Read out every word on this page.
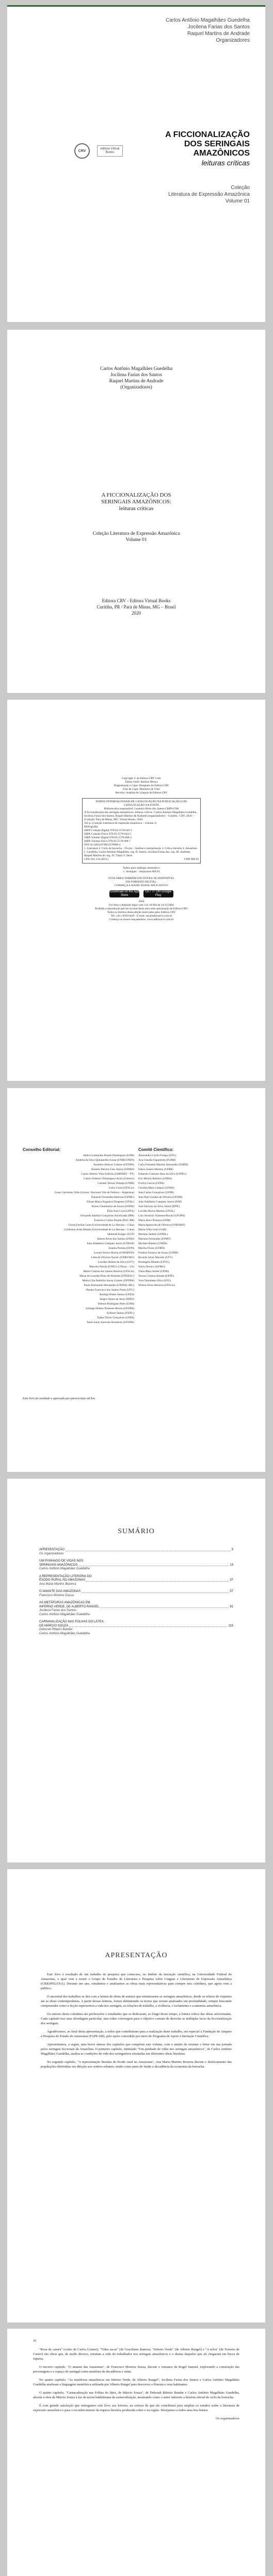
Carlos Antônio Magalhães Guedelha
Jocilena Farias dos Santos
Raquel Martins de Andrade
Organizadores
CRV
editora Virtual Books
A FICCIONALIZAÇÃO
DOS SERINGAIS
AMAZÔNICOS
leituras críticas
Coleção
Literatura de Expressão Amazônica
Volume 01
Carlos Antônio Magalhães Guedelha
Jocilena Farias dos Santos
Raquel Martins de Andrade
(Organizadores)
A FICCIONALIZAÇÃO DOS
SERINGAIS AMAZÔNICOS:
leituras críticas
Coleção Literatura de Expressão Amazônica
Volume 01
Editora CRV - Editora Virtual Books
Curitiba, PR / Pará de Minas, MG – Brasil
2020
Copyright © da Editora CRV Ltda.
Editor-chefe: Railson Moura
Diagramação e Capa: Designers da Editora CRV
Foto de Capa: Monteiro de Vitor
Revisão: Analista de Línguas da Editora CRV
DADOS INTERNACIONAIS DE CATALOGAÇÃO NA PUBLICAÇÃO (CIP)
CATALOGAÇÃO NA FONTE
Bibliotecária responsável: Luzenira Alves dos Santos CRB9/1506
A ficcionalização dos seringais amazônicos: leituras críticas / Carlos Antônio Magalhães Guedelha, Jocilena Farias dos Santos, Raquel Martins de Andrade (organizadores) – Curitiba : CRV, 2020. – (Coleção: Para de Minas, MG: Virtual Books, 2020.
162 p. (Coleção Literatura de expressão amazônica – volume 1)
Bibliografia
ISBN Coleção Digital 978-65-5578-045-2
ISBN Coleção Física 978-65-5578-044-5
ISBN Volume Digital 978-65-5578-009-4
ISBN Volume Físico 978-65-5578-008-7
DOI 10.24824/978655578009.4
1. Literatura 2. Ciclo da borracha – Ficção – Análise e interpretação 3. Crítica literária 4. Amazônia I. Guedelha, Carlos Antônio Magalhães. org. II. Santos, Jocilena Farias dos. org. III. Andrade, Raquel Martins de. org. IV. Título V. Série.
CDU 821.134.3(811)	CDD 869.93
Índice para catálogo sistemático
1. Seringais – Amazonas 869.93
ESTA OBRA TAMBÉM ENCONTRA-SE DISPONÍVEL
EM FORMATO DIGITAL.
CONHEÇA E BAIXE NOSSO APLICATIVO!
Download on the App Store GET IT ON Google Play
2020
Foi feito o depósito legal conf. Lei 10.994 de 14/12/2004
Proibida a reprodução parcial ou total desta obra sem autorização da Editora CRV
Todos os direitos desta edição reservados pela: Editora CRV
Tel.: (41) 3039-6418 - E-mail: sac@editoracrv.com.br
Conheça os nossos lançamentos: www.editoracrv.com.br
Conselho Editorial:
Aldira Guimarães Duarte Domínguez (UNB)
Andréia da Silva Quintanilha Sousa (UNIR/UFRN)
Anselmo Alencar Colares (UFOPA)
Antônio Pereira Gaio Júnior (UFRRJ)
Carlos Alberto Vilar Estêvão (UMINHO – PT)
Carlos Federico Dominguez Avila (Unieuro)
Carmen Tereza Velanga (UNIR)
Celso Conti (UFSCar)
Cesar Gerónimo Tello (Univer. Nacional Três de Febrero – Argentina)
Eduardo Fernandes Barbosa (UFMG)
Elione Maria Nogueira Diogenes (UFAL)
Elizeu Clementino de Souza (UNEB)
Élsio José Corá (UFFS)
Fernando Antônio Gonçalves Alcoforado (IPB)
Francisco Carlos Duarte (PUC-PR)
Gloria Fariñas León (Universidade de La Havana – Cuba)
Guillermo Arias Beatón (Universidade de La Havana – Cuba)
Helmuth Krüger (UCP)
Jailson Alves dos Santos (UFRJ)
João Adalberto Campato Junior (UNESP)
Josania Portela (UFPI)
Leonel Severo Rocha (UNISINOS)
Lídia de Oliveira Xavier (UNIEURO)
Lourdes Helena da Silva (UFV)
Marcelo Paixão (UFRJ e UTexas – US)
Maria Cristina dos Santos Bezerra (UFSCar)
Maria de Lourdes Pinto de Almeida (UNOESC)
Maria Lília Imbiriba Sousa Colares (UFOPA)
Paulo Romualdo Hernandes (UNIFAL-MG)
Renato Francisco dos Santos Paula (UFG)
Rodrigo Pratte-Santos (UFES)
Sérgio Nunes de Jesus (IFRO)
Simone Rodrigues Pinto (UNB)
Solange Helena Ximenes-Rocha (UFOPA)
Sydione Santos (UEPG)
Tadeu Oliver Gonçalves (UFPA)
Tania Suely Azevedo Brasileiro (UFOPA)
Comitê Científico:
Alessandra Corrêa Farago (UFG)
Ana Claudia Figueiredo (FURB)
Carla Fernanda Martins Alexandre (UERN)
Edson Soares Martins (UFRR)
Eduardo Cristiano Hass da Silva (UFPEL)
Eric Miorin Ramires (UFBA)
Evelyn Garcia (UFPA)
Geraldo Maia Campos (UFMS)
Jean Carlos Gonçalves (UFPR)
Jean Paul Guedes de Oliveira (UFAM)
João Adalberto Campato Junior (FAP)
José Davison da Silva Júnior (IFPE)
Lucidéa Rocha Martins (UFAL)
Luiz Severino Ximenes-Rocha (UFOPA)
Maria Alice Proença (UEM)
Maria Aparecida de Oliveira (UNEMAT)
Maria Célia Leite (UnB)
Marlene Seibert (UFPEL)
Mariana Fernandes (UFMT)
Michele Ribeiro (UNEB)
Marilia Flores (UFRO)
Norbert Fonseca de Sousa (UFRR)
Ricardo Alves Macedo (UFV)
Rosângela Mendes (UFSC)
Silvia Dorrico (UFMG)
Tânia Mara Seidel (UFPA)
Tereza Cristina Amado (UFPE)
Vera Tietzmann Silva (UFG)
Wilson Alves Bezerra (UFSCar)
Este livro foi avaliado e aprovado por pareceristas ad hoc.
SUMÁRIO
APRESENTAÇÃO	9
Os organizadores
UM PUNHADO DE VIDAS NOS
SERINGAIS AMAZÔNICOS	13
Carlos Antônio Magalhães Guedelha
A REPRESENTAÇÃO LITERÁRIA DO
ÊXODO RURAL NO AMAZONAS	37
Ana Maria Martins Bezerra
O AMANTE DAS AMAZONAS	57
Francisco Moreira Sousa
AS METÁFORAS AMAZÔNICAS EM
INFERNO VERDE, DE ALBERTO RANGEL	81
Jocilena Farias dos Santos
Carlos Antônio Magalhães Guedelha
CARNAVALIZAÇÃO NAS FOLHAS DO LÁTEX,
DE MÁRCIO SOUZA	115
Deborah Ribeiro Bandar
Carlos Antônio Magalhães Guedelha
APRESENTAÇÃO

Este livro é resultado de um trabalho de pesquisa que conta-nos, no âmbito da iniciação científica, na Universidade Federal do Amazonas, o qual vem a reunir o Grupo de Estudos de Literatura e Pesquisa sobre Línguas e Literaturas de Expressão Amazônica (GRESPELEXA). Durante um ano, estudamos e analisamos as obras mais representativas para compor esta coletânea, que agora vem a público.

O ancestral dos trabalhos se deu com a leitura de obras de autores que tematizaram os seringais amazônicos, desde os relatos de viajantes até as obras contemporâneas. A partir dessas leituras, fomos delimitando os textos que seriam analisados em profundidade, sempre buscando compreender como a ficção representou a vida nos seringais, as relações de trabalho, a violência, o isolamento e a natureza amazônica.

Os autores desta coletânea são professores e estudantes que se dedicaram, ao longo desse tempo, à leitura crítica das obras selecionadas. Cada capítulo traz uma abordagem particular, mas todos convergem para o objetivo comum de desvelar as múltiplas faces da ficcionalização dos seringais.

Agradecemos, ao final desta apresentação, a todos que contribuíram para a realização deste trabalho, em especial à Fundação de Amparo à Pesquisa do Estado do Amazonas (FAPEAM), pelo apoio concedido por meio do Programa de Apoio à Iniciação Científica.

Apresentamos, a seguir, uma breve síntese dos capítulos que compõem este volume, com o intuito de orientar o leitor em sua jornada pelos seringais ficcionais da Amazônia. O primeiro capítulo, intitulado "Um punhado de vidas nos seringais amazônicos", de Carlos Antônio Magalhães Guedelha, analisa as condições de vida dos seringueiros retratadas em diferentes obras literárias.

No segundo capítulo, "A representação literária do êxodo rural no Amazonas", Ana Maria Martins Bezerra discute o deslocamento das populações ribeirinhas em direção aos centros urbanos, tendo como pano de fundo a decadência da economia da borracha.

10

"Rosa de caruru" (conto de Carlos Gomes); "Vidas secas" (de Graciliano Ramos); "Inferno Verde" (de Alberto Rangel) e "A selva" (de Ferreira de Castro) são obras que, de modo diverso, retratam a vida do trabalhador nos seringais amazônicos e o drama daqueles que ali chegaram em busca de riqueza.

O terceiro capítulo, "O amante das Amazonas", de Francisco Moreira Sousa, discute o romance de Rogel Samuel, explorando a construção das personagens e o espaço do seringal como metáfora de decadência e ruína.

No quarto capítulo, "As metáforas amazônicas em Inferno Verde, de Alberto Rangel", Jocilena Farias dos Santos e Carlos Antônio Magalhães Guedelha analisam a linguagem metafórica utilizada por Alberto Rangel para descrever a floresta e seus habitantes.

O quinto capítulo, "Carnavalização nas Folhas do látex, de Márcio Souza", de Deborah Ribeiro Bandar e Carlos Antônio Magalhães Guedelha, aborda a obra de Márcio Souza à luz da teoria bakhtiniana da carnavalização, mostrando como o autor subverte a história oficial do ciclo da borracha.

É com grande satisfação que entregamos este livro aos leitores, na certeza de que ele contribuirá para ampliar os estudos sobre a literatura de expressão amazônica e para o reconhecimento da riqueza literária produzida sobre e na região. Desejamos a todos uma boa leitura.

Os organizadores
